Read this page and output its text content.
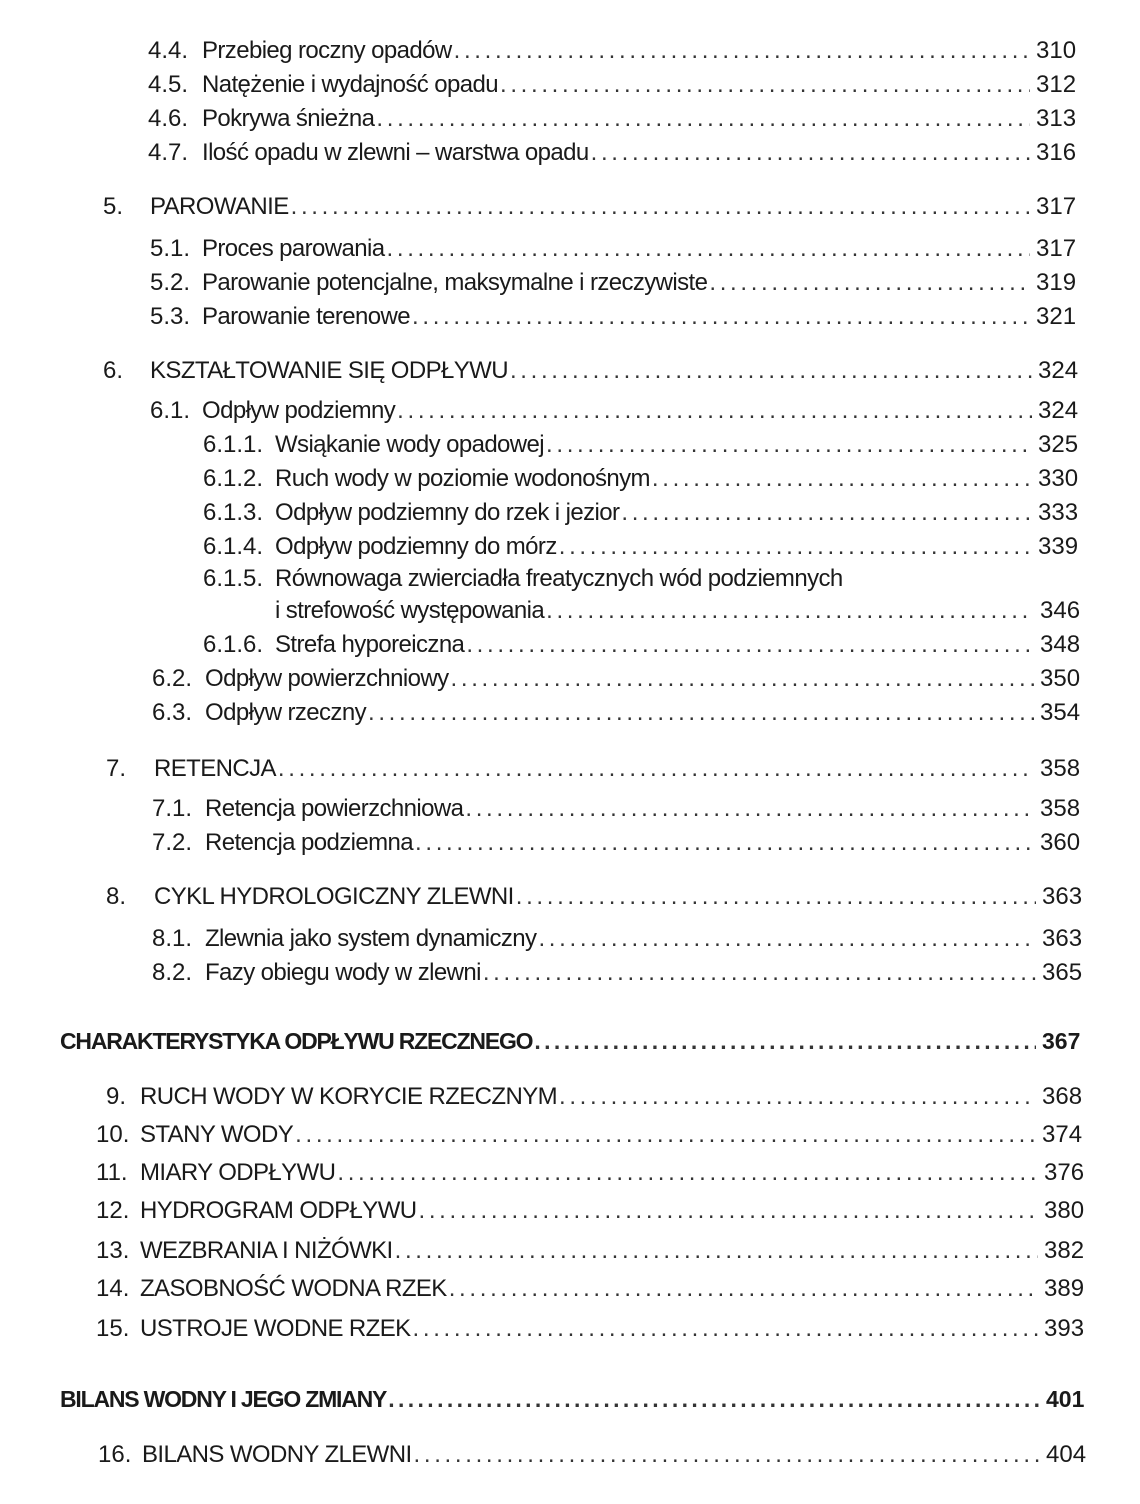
4.4. Przebieg roczny opadów . . .	310
4.5. Natężenie i wydajność opadu . . .	312
4.6. Pokrywa śnieżna . . .	313
4.7. Ilość opadu w zlewni – warstwa opadu . . .	316
5. PAROWANIE . . .	317
5.1. Proces parowania . . .	317
5.2. Parowanie potencjalne, maksymalne i rzeczywiste . . .	319
5.3. Parowanie terenowe . . .	321
6. KSZTAŁTOWANIE SIĘ ODPŁYWU . . .	324
6.1. Odpływ podziemny . . .	324
6.1.1. Wsiąkanie wody opadowej . . .	325
6.1.2. Ruch wody w poziomie wodonośnym . . .	330
6.1.3. Odpływ podziemny do rzek i jezior . . .	333
6.1.4. Odpływ podziemny do mórz . . .	339
6.1.5. Równowaga zwierciadła freatycznych wód podziemnych
i strefowość występowania . . .	346
6.1.6. Strefa hyporeiczna . . .	348
6.2. Odpływ powierzchniowy . . .	350
6.3. Odpływ rzeczny . . .	354
7. RETENCJA . . .	358
7.1. Retencja powierzchniowa . . .	358
7.2. Retencja podziemna . . .	360
8. CYKL HYDROLOGICZNY ZLEWNI . . .	363
8.1. Zlewnia jako system dynamiczny . . .	363
8.2. Fazy obiegu wody w zlewni . . .	365
CHARAKTERYSTYKA ODPŁYWU RZECZNEGO . . .	367
9. RUCH WODY W KORYCIE RZECZNYM . . .	368
10. STANY WODY . . .	374
11. MIARY ODPŁYWU . . .	376
12. HYDROGRAM ODPŁYWU . . .	380
13. WEZBRANIA I NIŻÓWKI . . .	382
14. ZASOBNOŚĆ WODNA RZEK . . .	389
15. USTROJE WODNE RZEK . . .	393
BILANS WODNY I JEGO ZMIANY . . .	401
16. BILANS WODNY ZLEWNI . . .	404
